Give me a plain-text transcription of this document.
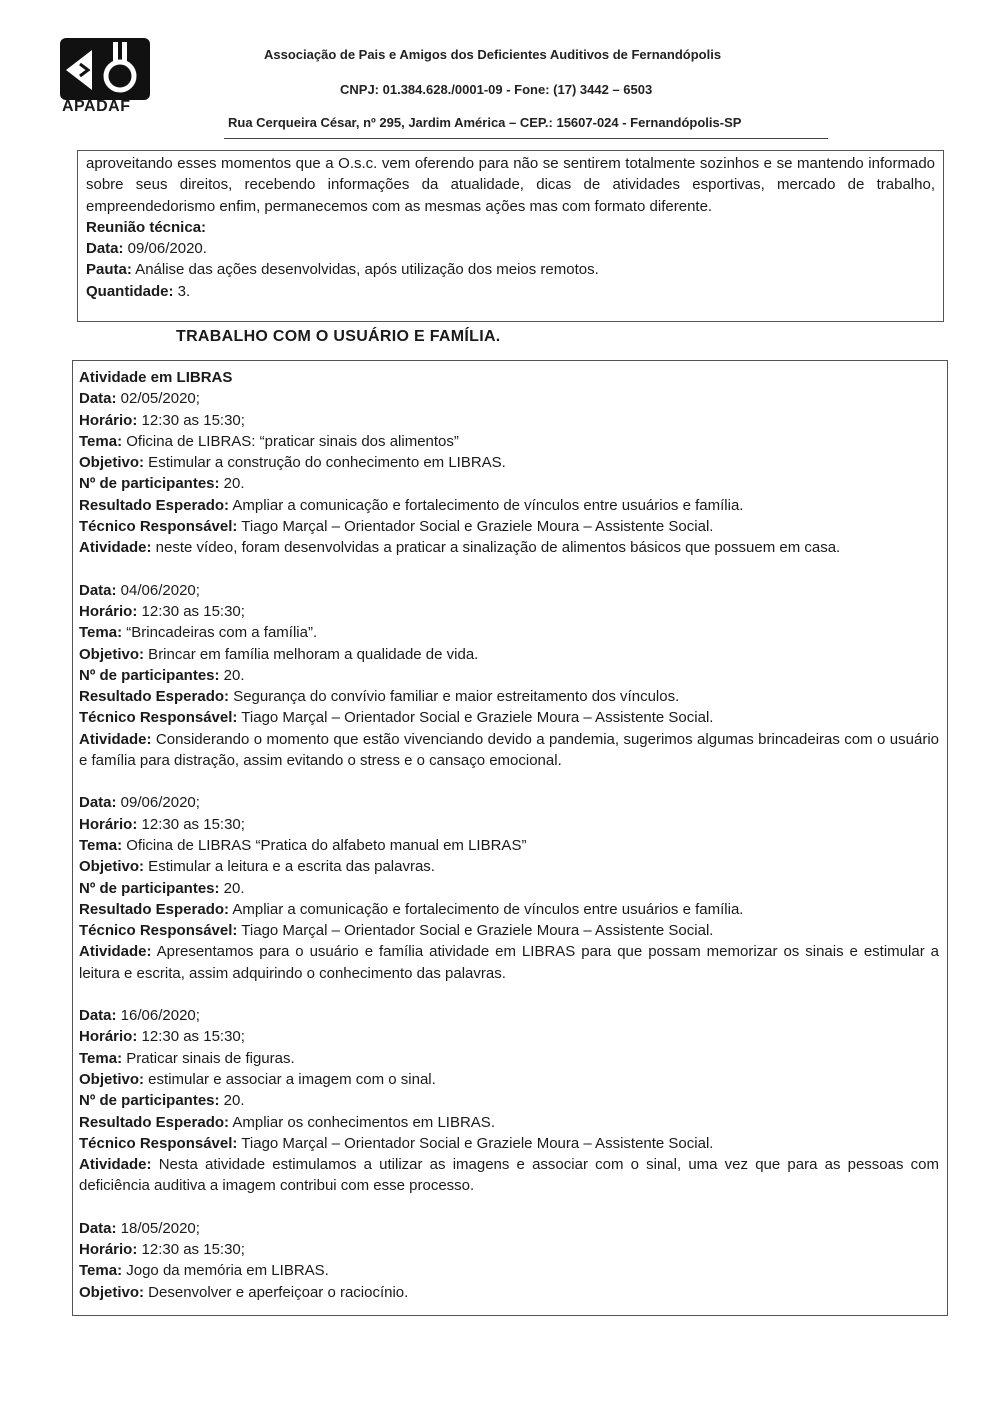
APADAF
Associação de Pais e Amigos dos Deficientes Auditivos de Fernandópolis
CNPJ: 01.384.628./0001-09 - Fone: (17) 3442 – 6503
Rua Cerqueira César, nº 295, Jardim América – CEP.: 15607-024 - Fernandópolis-SP

aproveitando esses momentos que a O.s.c. vem oferendo para não se sentirem totalmente sozinhos e se mantendo informado sobre seus direitos, recebendo informações da atualidade, dicas de atividades esportivas, mercado de trabalho, empreendedorismo enfim, permanecemos com as mesmas ações mas com formato diferente.

Reunião técnica:

Data: 09/06/2020.

Pauta: Análise das ações desenvolvidas, após utilização dos meios remotos.

Quantidade: 3.

TRABALHO COM O USUÁRIO E FAMÍLIA.

Atividade em LIBRAS

Data: 02/05/2020;

Horário: 12:30 as 15:30;

Tema: Oficina de LIBRAS: “praticar sinais dos alimentos”

Objetivo: Estimular a construção do conhecimento em LIBRAS.

Nº de participantes: 20.

Resultado Esperado: Ampliar a comunicação e fortalecimento de vínculos entre usuários e família.

Técnico Responsável: Tiago Marçal – Orientador Social e Graziele Moura – Assistente Social.

Atividade: neste vídeo, foram desenvolvidas a praticar a sinalização de alimentos básicos que possuem em casa.

Data: 04/06/2020;

Horário: 12:30 as 15:30;

Tema: “Brincadeiras com a família”.

Objetivo: Brincar em família melhoram a qualidade de vida.

Nº de participantes: 20.

Resultado Esperado: Segurança do convívio familiar e maior estreitamento dos vínculos.

Técnico Responsável: Tiago Marçal – Orientador Social e Graziele Moura – Assistente Social.

Atividade: Considerando o momento que estão vivenciando devido a pandemia, sugerimos algumas brincadeiras com o usuário e família para distração, assim evitando o stress e o cansaço emocional.

Data: 09/06/2020;

Horário: 12:30 as 15:30;

Tema: Oficina de LIBRAS “Pratica do alfabeto manual em LIBRAS”

Objetivo: Estimular a leitura e a escrita das palavras.

Nº de participantes: 20.

Resultado Esperado: Ampliar a comunicação e fortalecimento de vínculos entre usuários e família.

Técnico Responsável: Tiago Marçal – Orientador Social e Graziele Moura – Assistente Social.

Atividade: Apresentamos para o usuário e família atividade em LIBRAS para que possam memorizar os sinais e estimular a leitura e escrita, assim adquirindo o conhecimento das palavras.

Data: 16/06/2020;

Horário: 12:30 as 15:30;

Tema: Praticar sinais de figuras.

Objetivo: estimular e associar a imagem com o sinal.

Nº de participantes: 20.

Resultado Esperado: Ampliar os conhecimentos em LIBRAS.

Técnico Responsável: Tiago Marçal – Orientador Social e Graziele Moura – Assistente Social.

Atividade: Nesta atividade estimulamos a utilizar as imagens e associar com o sinal, uma vez que para as pessoas com deficiência auditiva a imagem contribui com esse processo.

Data: 18/05/2020;

Horário: 12:30 as 15:30;

Tema: Jogo da memória em LIBRAS.

Objetivo: Desenvolver e aperfeiçoar o raciocínio.
